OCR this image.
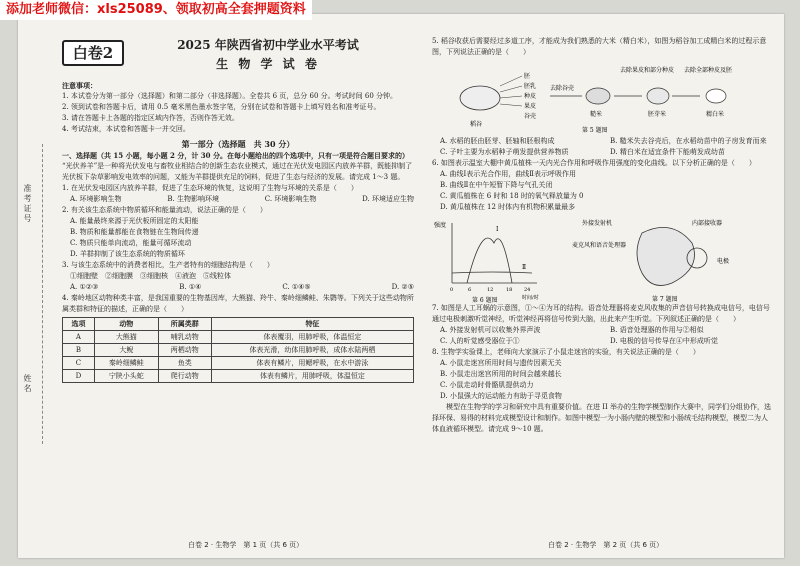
添加老师微信：xls25089、领取初高全套押题资料
准考证号
姓名
白卷2	2025 年陕西省初中学业水平考试
生 物 学 试 卷
注意事项：
1. 本试卷分为第一部分（选择题）和第二部分（非选择题）。全卷共 6 页，总分 60 分。考试时间 60 分钟。
2. 领到试卷和答题卡后，请用 0.5 毫米黑色墨水签字笔，分别在试卷和答题卡上填写姓名和准考证号。
3. 请在答题卡上各题的指定区域内作答，否则作答无效。
4. 考试结束，本试卷和答题卡一并交回。
第一部分（选择题　共 30 分）
一、选择题（共 15 小题，每小题 2 分，计 30 分。在每小题给出的四个选项中，只有一项是符合题目要求的）
“光伏养羊”是一种将光伏发电与畜牧业相结合的创新生态农业模式，通过在光伏发电园区内放养羊群，既能抑制了光伏板下杂草影响发电效率的问题，又能为羊群提供充足的饲料，促进了生态与经济的发展。请完成 1～3 题。
1. 在光伏发电园区内放养羊群，促进了生态环境的恢复，这说明了生物与环境的关系是（　　）
A. 环境影响生物	B. 生物影响环境	C. 环境影响生物	D. 环境适应生物
2. 有关该生态系统中物质循环和能量流动，说法正确的是（　　）
A. 能量最终来源于光伏板所固定的太阳能
B. 物质和能量都能在食物链在生物间传递
C. 物质只能单向流动，能量可循环流动
D. 羊群抑制了该生态系统的物质循环
3. 与该生态系统中的消费者相比，生产者特有的细胞结构是（　　）
①细胞壁　②细胞膜　③细胞核　④液泡　⑤线粒体
A. ①②③	B. ①④	C. ①④⑤	D. ②⑤
4. 秦岭地区动物种类丰富，是我国重要的生物基因库，大熊猫、羚牛、秦岭细鳞鲑、朱鹮等。下列关于这些动物所属类群和特征的描述，正确的是（　　）
选项	动物	所属类群	特征
A	大熊猫	哺乳动物	体表覆羽，用肺呼吸，体温恒定
B	大鲵	两栖动物	体表光滑，幼体用肺呼吸，成体水陆两栖
C	秦岭细鳞鲑	鱼类	体表有鳞片，用鳃呼吸，在水中游泳
D	宁陕小头蛇	爬行动物	体表有鳞片，用肺呼吸，体温恒定
白卷 2 · 生物学　第 1 页（共 6 页）
5. 稻谷收获后需要经过多道工序，才能成为我们熟悉的大米（精白米），如图为稻谷加工成精白米的过程示意图，下列说法正确的是（　　）
胚
胚乳
种皮
果皮
谷壳
稻谷
去除谷壳
糙米
去除果皮和部分种皮
胚芽米
去除全部种皮及胚
精白米
第 5 题图
A. 水稻的胚由胚芽、胚轴和胚根构成	B. 糙米失去谷壳后，在水稻幼苗中的子房发育而来
C. 子叶主要为水稻种子萌发提供营养物质	D. 精白米在适宜条件下能萌发成幼苗
6. 如图表示温室大棚中黄瓜植株一天内光合作用和呼吸作用强度的变化曲线。以下分析正确的是（　　）
A. 曲线Ⅰ表示光合作用，曲线Ⅱ表示呼吸作用
B. 曲线Ⅱ在中午短暂下降与气孔关闭
C. 黄瓜植株在 6 时和 18 时的氧气释放量为 0
D. 黄瓜植株在 12 时体内有机物积累量最多
强度
Ⅰ
Ⅱ
0	6	12	18 24
时间/时
第 6 题图
外接发射机
麦克风和语音处理器
内部接收器
电极
第 7 题图
7. 如图是人工耳蜗的示意图，①～④为耳的结构。语音处理器将麦克风收集的声音信号转换成电信号，电信号通过电极刺激听觉神经，听觉神经再将信号传到大脑，出此来产生听觉。下列叙述正确的是（　　）
A. 外接发射机可以收集外界声波	B. 语音处理器的作用与②相似
C. 人的听觉感受器位于①	D. 电极的信号传导在④中形成听觉
8. 生物学实验课上，老师向大家演示了小鼠走迷宫的实验，有关说法正确的是（　　）
A. 小鼠走迷宫所用时间与遗传因素无关
B. 小鼠走出迷宫所用的时间会越来越长
C. 小鼠走动时骨骼肌提供动力
D. 小鼠强大的运动能力有助于寻觅食物
模型在生物学的学习和研究中具有重要价值。在进 II 举办的生物学模型制作大赛中，同学们分组协作，选择环保、易得的材料完成模型设计和制作。如图中模型一为小肠内壁的模型和小肠绒毛结构模型，模型二为人体血液循环模型。请完成 9～10 题。
白卷 2 · 生物学　第 2 页（共 6 页）
